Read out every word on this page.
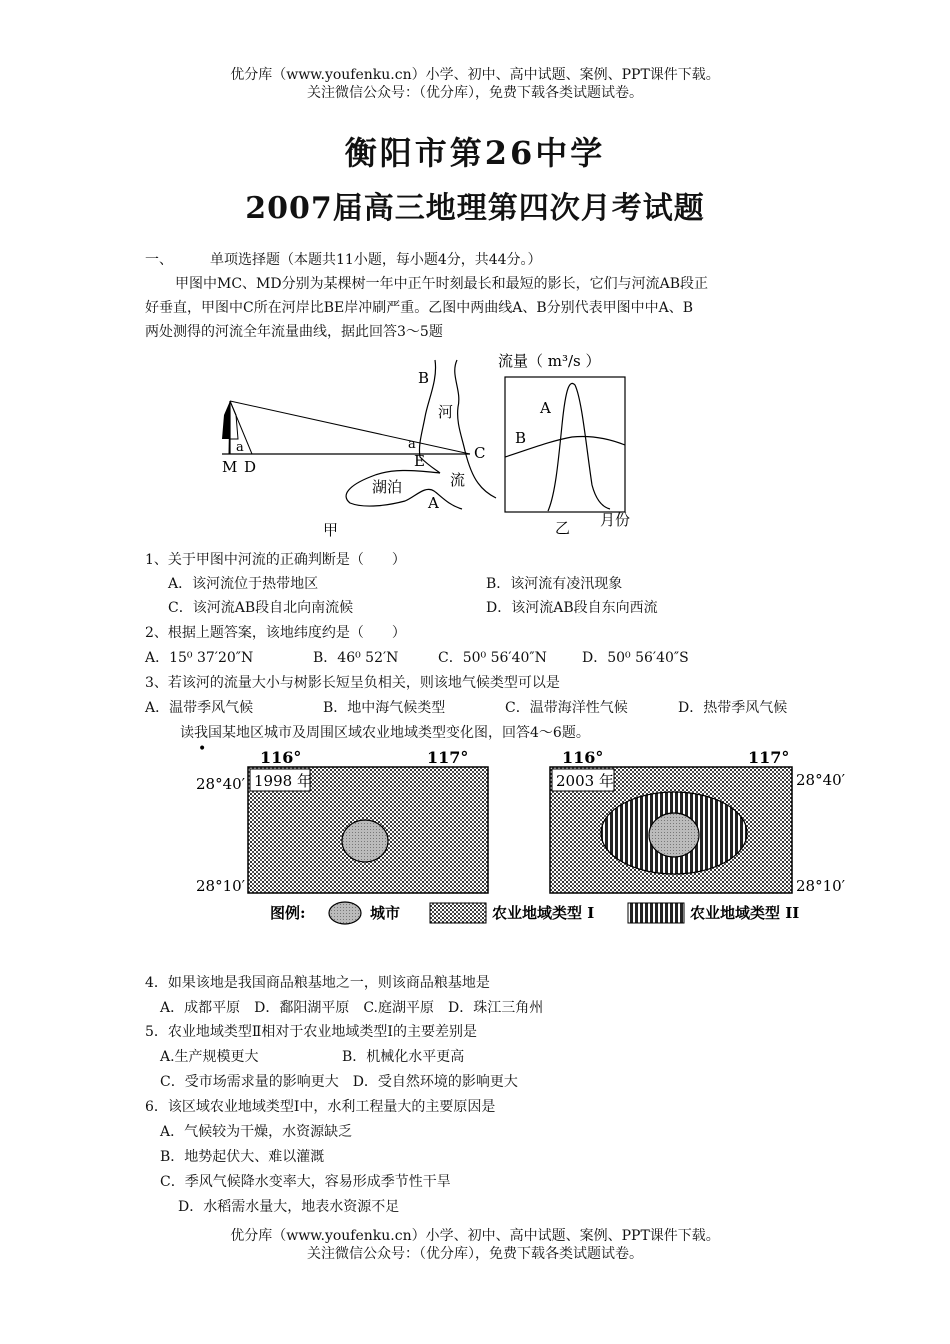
优分库（www.youfenku.cn）小学、初中、高中试题、案例、PPT课件下载。
关注微信公众号：（优分库），免费下载各类试题试卷。
衡阳市第26中学
2007届高三地理第四次月考试题
一、	单项选择题（本题共11小题，每小题4分，共44分。）
甲图中MC、MD分别为某棵树一年中正午时刻最长和最短的影长，它们与河流AB段正
好垂直，甲图中C所在河岸比BE岸冲刷严重。乙图中两曲线A、B分别代表甲图中中A、B
两处测得的河流全年流量曲线，据此回答3～5题
a
M D
B
河
流
湖泊
A
E
a	C
甲
A
B
流量（ m³/s ）
月份
乙
1、关于甲图中河流的正确判断是（　　）
A．该河流位于热带地区	B．该河流有凌汛现象
C．该河流AB段自北向南流候	D．该河流AB段自东向西流
2、根据上题答案，该地纬度约是（　　）
A．15⁰ 37′20″N	B．46⁰ 52′N	C．50⁰ 56′40″N	D．50⁰ 56′40″S
3、若该河的流量大小与树影长短呈负相关，则该地气候类型可以是
A．温带季风气候	B．地中海气候类型	C．温带海洋性气候	D．热带季风气候
读我国某地区城市及周围区域农业地域类型变化图，回答4～6题。
1998 年	2003 年
116°	117°	116°	117°
28°40′
28°10′
28°40′
28°10′
•
图例:	城市	农业地域类型 I	农业地域类型 II
4．如果该地是我国商品粮基地之一，则该商品粮基地是
A．成都平原　D．鄱阳湖平原　C.庭湖平原　D．珠江三角州
5．农业地域类型Ⅱ相对于农业地域类型Ⅰ的主要差别是
A.生产规模更大	B．机械化水平更高
C．受市场需求量的影响更大　D．受自然环境的影响更大
6．该区域农业地域类型Ⅰ中，水利工程量大的主要原因是
A．气候较为干燥，水资源缺乏
B．地势起伏大、难以灌溉
C．季风气候降水变率大，容易形成季节性干旱
D．水稻需水量大，地表水资源不足
优分库（www.youfenku.cn）小学、初中、高中试题、案例、PPT课件下载。
关注微信公众号：（优分库），免费下载各类试题试卷。
